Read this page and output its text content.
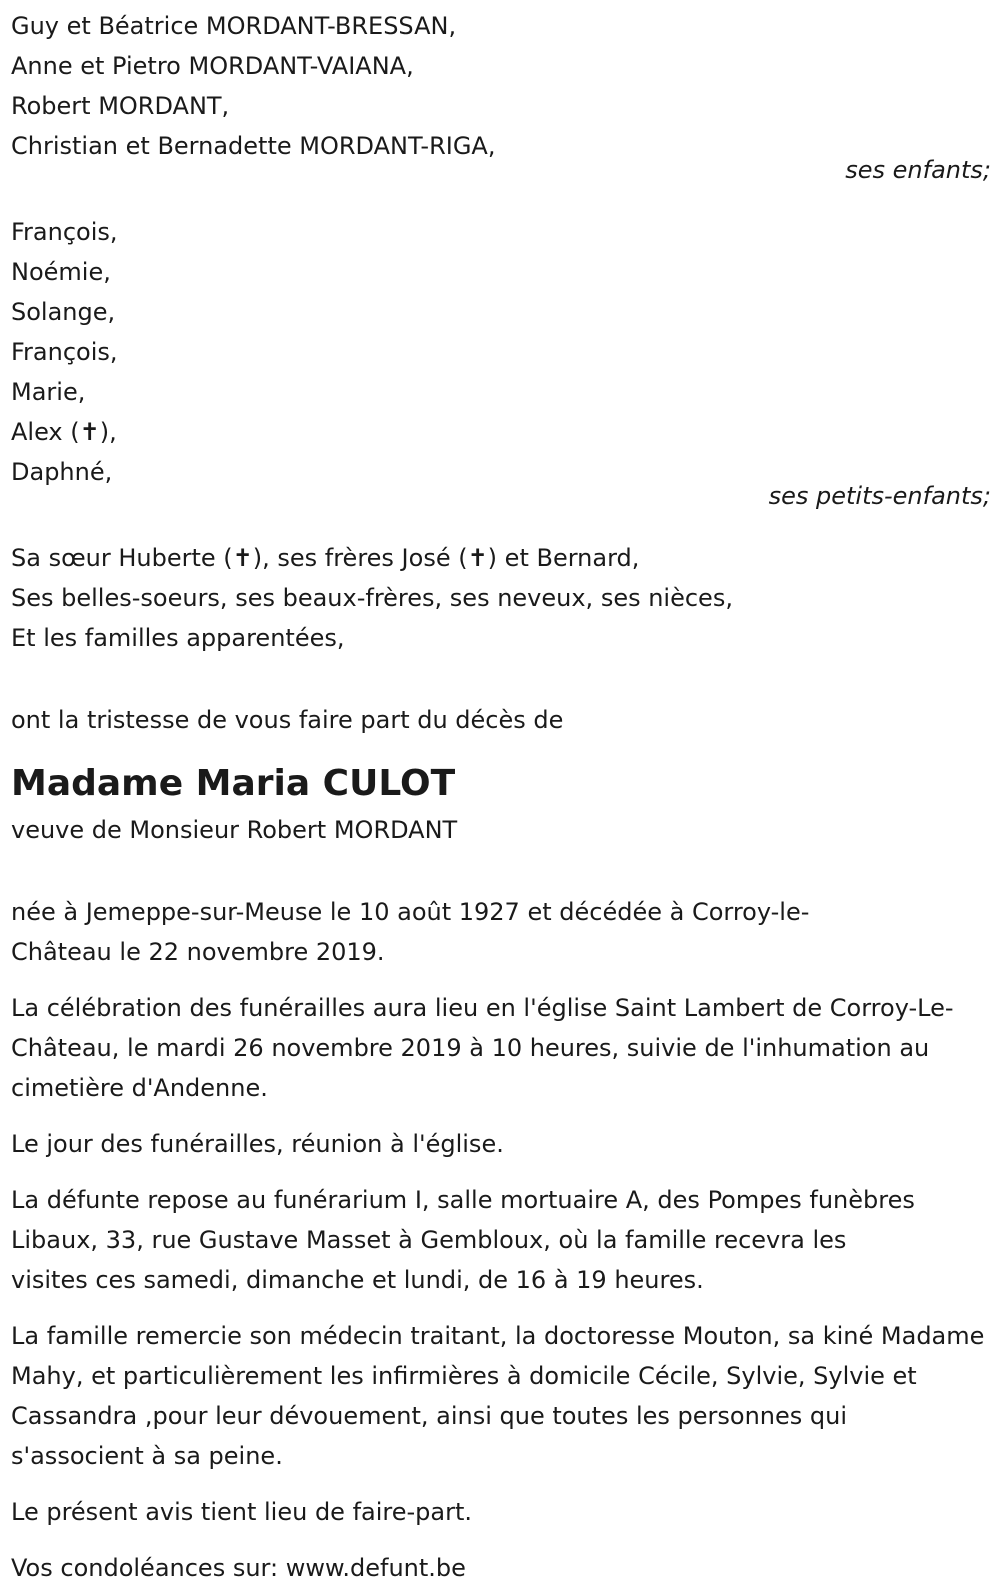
Guy et Béatrice MORDANT-BRESSAN,
Anne et Pietro MORDANT-VAIANA,
Robert MORDANT,
Christian et Bernadette MORDANT-RIGA,
ses enfants;
François,
Noémie,
Solange,
François,
Marie,
Alex (✝),
Daphné,
ses petits-enfants;
Sa sœur Huberte (✝), ses frères José (✝) et Bernard,
Ses belles-soeurs, ses beaux-frères, ses neveux, ses nièces,
Et les familles apparentées,
ont la tristesse de vous faire part du décès de
Madame Maria CULOT
veuve de Monsieur Robert MORDANT

née à Jemeppe-sur-Meuse le 10 août 1927 et décédée à Corroy-le-Château le 22 novembre 2019.

La célébration des funérailles aura lieu en l'église Saint Lambert de Corroy-Le-Château, le mardi 26 novembre 2019 à 10 heures, suivie de l'inhumation au cimetière d'Andenne.

Le jour des funérailles, réunion à l'église.

La défunte repose au funérarium I, salle mortuaire A, des Pompes funèbres Libaux, 33, rue Gustave Masset à Gembloux, où la famille recevra les visites ces samedi, dimanche et lundi, de 16 à 19 heures.

La famille remercie son médecin traitant, la doctoresse Mouton, sa kiné Madame Mahy, et particulièrement les infirmières à domicile Cécile, Sylvie, Sylvie et Cassandra ,pour leur dévouement, ainsi que toutes les personnes qui s'associent à sa peine.

Le présent avis tient lieu de faire-part.

Vos condoléances sur: www.defunt.be
